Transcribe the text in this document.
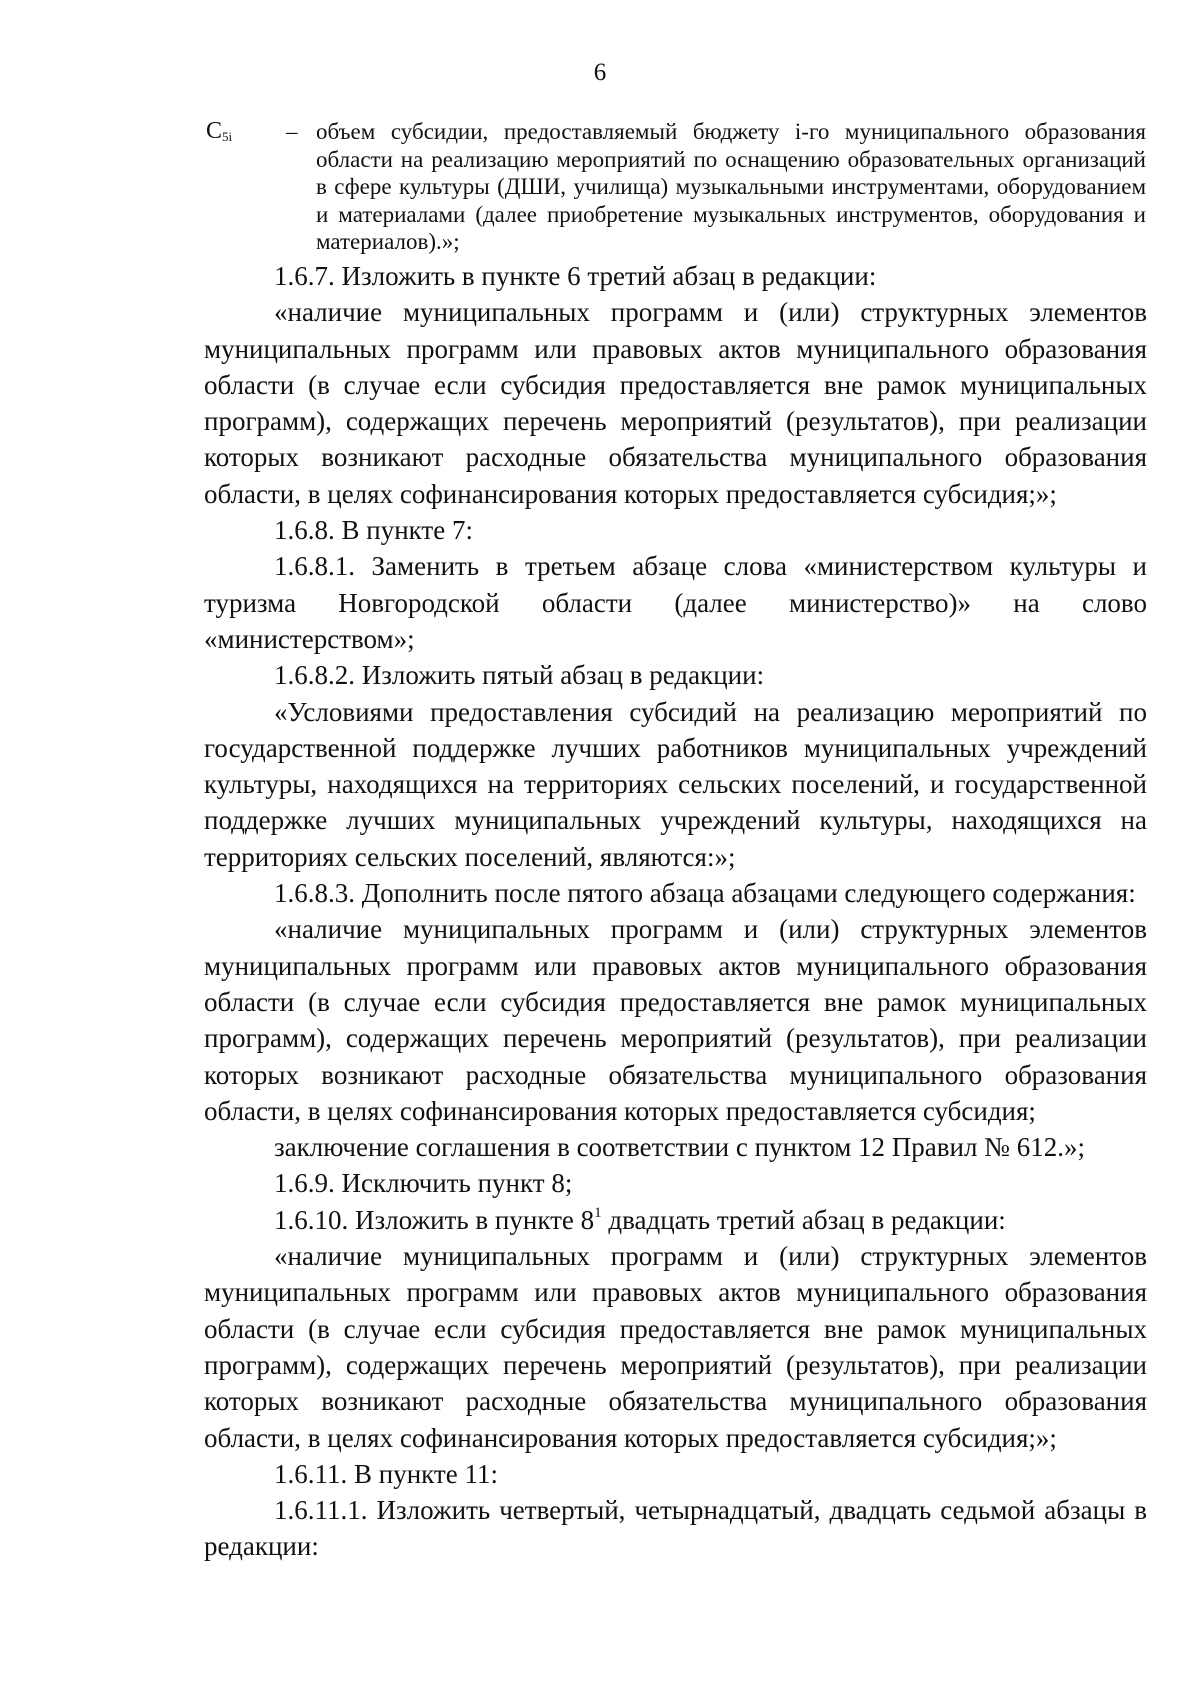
6
$C_{5i}$ – объем субсидии, предоставляемый бюджету i-го муниципального образования области на реализацию мероприятий по оснащению образовательных организаций в сфере культуры (ДШИ, училища) музыкальными инструментами, оборудованием и материалами (далее приобретение музыкальных инструментов, оборудования и материалов).»;

1.6.7. Изложить в пункте 6 третий абзац в редакции:

«наличие муниципальных программ и (или) структурных элементов муниципальных программ или правовых актов муниципального образования области (в случае если субсидия предоставляется вне рамок муниципальных программ), содержащих перечень мероприятий (результатов), при реализации которых возникают расходные обязательства муниципального образования области, в целях софинансирования которых предоставляется субсидия;»;

1.6.8. В пункте 7:

1.6.8.1. Заменить в третьем абзаце слова «министерством культуры и туризма Новгородской области (далее министерство)» на слово «министерством»;

1.6.8.2. Изложить пятый абзац в редакции:

«Условиями предоставления субсидий на реализацию мероприятий по государственной поддержке лучших работников муниципальных учреждений культуры, находящихся на территориях сельских поселений, и государственной поддержке лучших муниципальных учреждений культуры, находящихся на территориях сельских поселений, являются:»;

1.6.8.3. Дополнить после пятого абзаца абзацами следующего содержания:

«наличие муниципальных программ и (или) структурных элементов муниципальных программ или правовых актов муниципального образования области (в случае если субсидия предоставляется вне рамок муниципальных программ), содержащих перечень мероприятий (результатов), при реализации которых возникают расходные обязательства муниципального образования области, в целях софинансирования которых предоставляется субсидия;

заключение соглашения в соответствии с пунктом 12 Правил № 612.»;

1.6.9. Исключить пункт 8;

1.6.10. Изложить в пункте $8^1$ двадцать третий абзац в редакции:

«наличие муниципальных программ и (или) структурных элементов муниципальных программ или правовых актов муниципального образования области (в случае если субсидия предоставляется вне рамок муниципальных программ), содержащих перечень мероприятий (результатов), при реализации которых возникают расходные обязательства муниципального образования области, в целях софинансирования которых предоставляется субсидия;»;

1.6.11. В пункте 11:

1.6.11.1. Изложить четвертый, четырнадцатый, двадцать седьмой абзацы в редакции:
